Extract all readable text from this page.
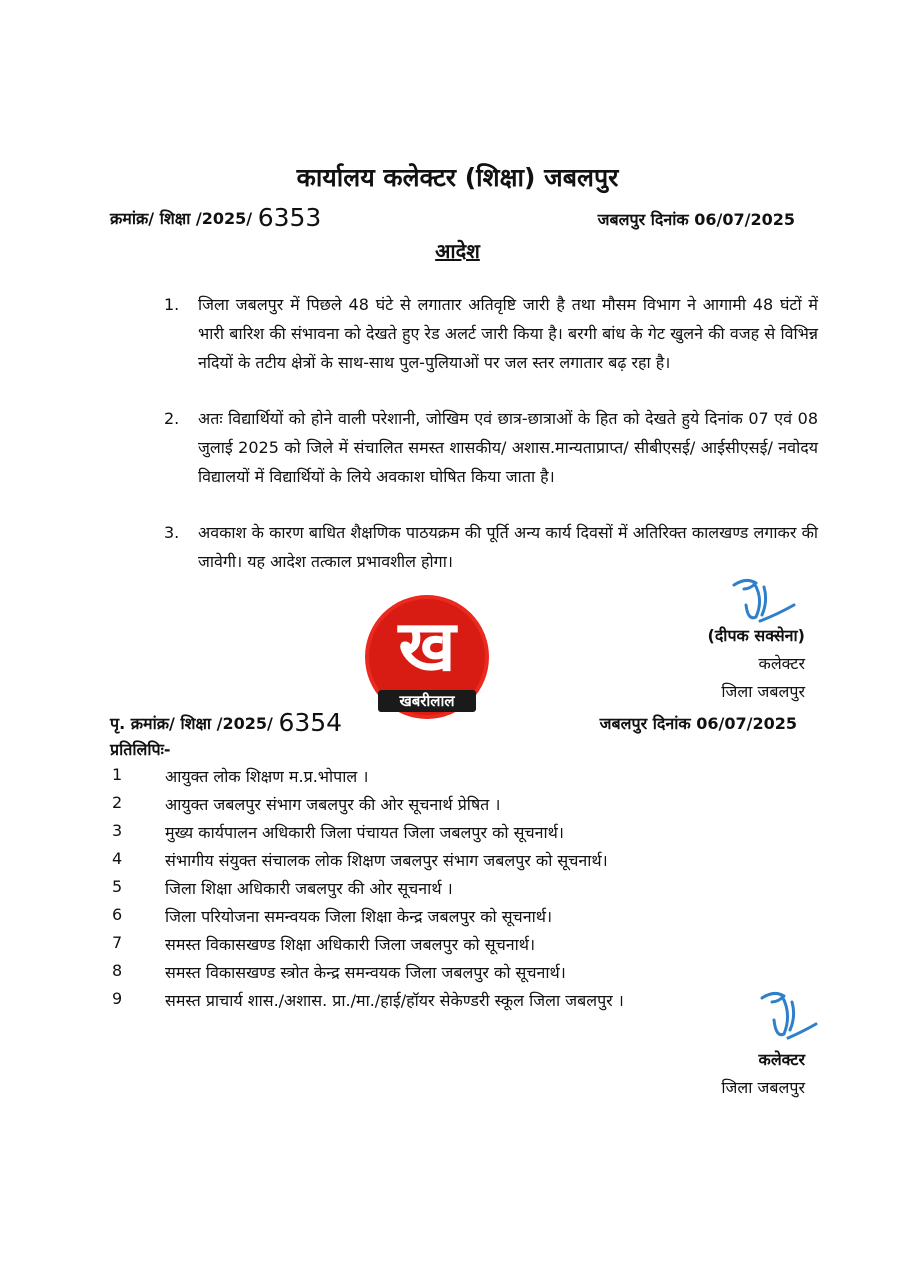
कार्यालय कलेक्टर (शिक्षा) जबलपुर
क्रमांक्र/ शिक्षा /2025/ 6353	जबलपुर दिनांक 06/07/2025
आदेश
1. जिला जबलपुर में पिछले 48 घंटे से लगातार अतिवृष्टि जारी है तथा मौसम विभाग ने आगामी 48 घंटों में भारी बारिश की संभावना को देखते हुए रेड अलर्ट जारी किया है। बरगी बांध के गेट खुलने की वजह से विभिन्न नदियों के तटीय क्षेत्रों के साथ-साथ पुल-पुलियाओं पर जल स्तर लगातार बढ़ रहा है।
2. अतः विद्यार्थियों को होने वाली परेशानी, जोखिम एवं छात्र-छात्राओं के हित को देखते हुये दिनांक 07 एवं 08 जुलाई 2025 को जिले में संचालित समस्त शासकीय/ अशास.मान्यताप्राप्त/ सीबीएसई/ आईसीएसई/ नवोदय विद्यालयों में विद्यार्थियों के लिये अवकाश घोषित किया जाता है।
3. अवकाश के कारण बाधित शैक्षणिक पाठयक्रम की पूर्ति अन्य कार्य दिवसों में अतिरिक्त कालखण्ड लगाकर की जावेगी। यह आदेश तत्काल प्रभावशील होगा।
(दीपक सक्सेना)
कलेक्टर
जिला जबलपुर
ख
खबरीलाल
पृ. क्रमांक्र/ शिक्षा /2025/ 6354	जबलपुर दिनांक 06/07/2025
प्रतिलिपिः-
1	आयुक्त लोक शिक्षण म.प्र.भोपाल ।
2	आयुक्त जबलपुर संभाग जबलपुर की ओर सूचनार्थ प्रेषित ।
3	मुख्य कार्यपालन अधिकारी जिला पंचायत जिला जबलपुर को सूचनार्थ।
4	संभागीय संयुक्त संचालक लोक शिक्षण जबलपुर संभाग जबलपुर को सूचनार्थ।
5	जिला शिक्षा अधिकारी जबलपुर की ओर सूचनार्थ ।
6	जिला परियोजना समन्वयक जिला शिक्षा केन्द्र जबलपुर को सूचनार्थ।
7	समस्त विकासखण्ड शिक्षा अधिकारी जिला जबलपुर को सूचनार्थ।
8	समस्त विकासखण्ड स्त्रोत केन्द्र समन्वयक जिला जबलपुर को सूचनार्थ।
9	समस्त प्राचार्य शास./अशास. प्रा./मा./हाई/हॉयर सेकेण्डरी स्कूल जिला जबलपुर ।
कलेक्टर
जिला जबलपुर
